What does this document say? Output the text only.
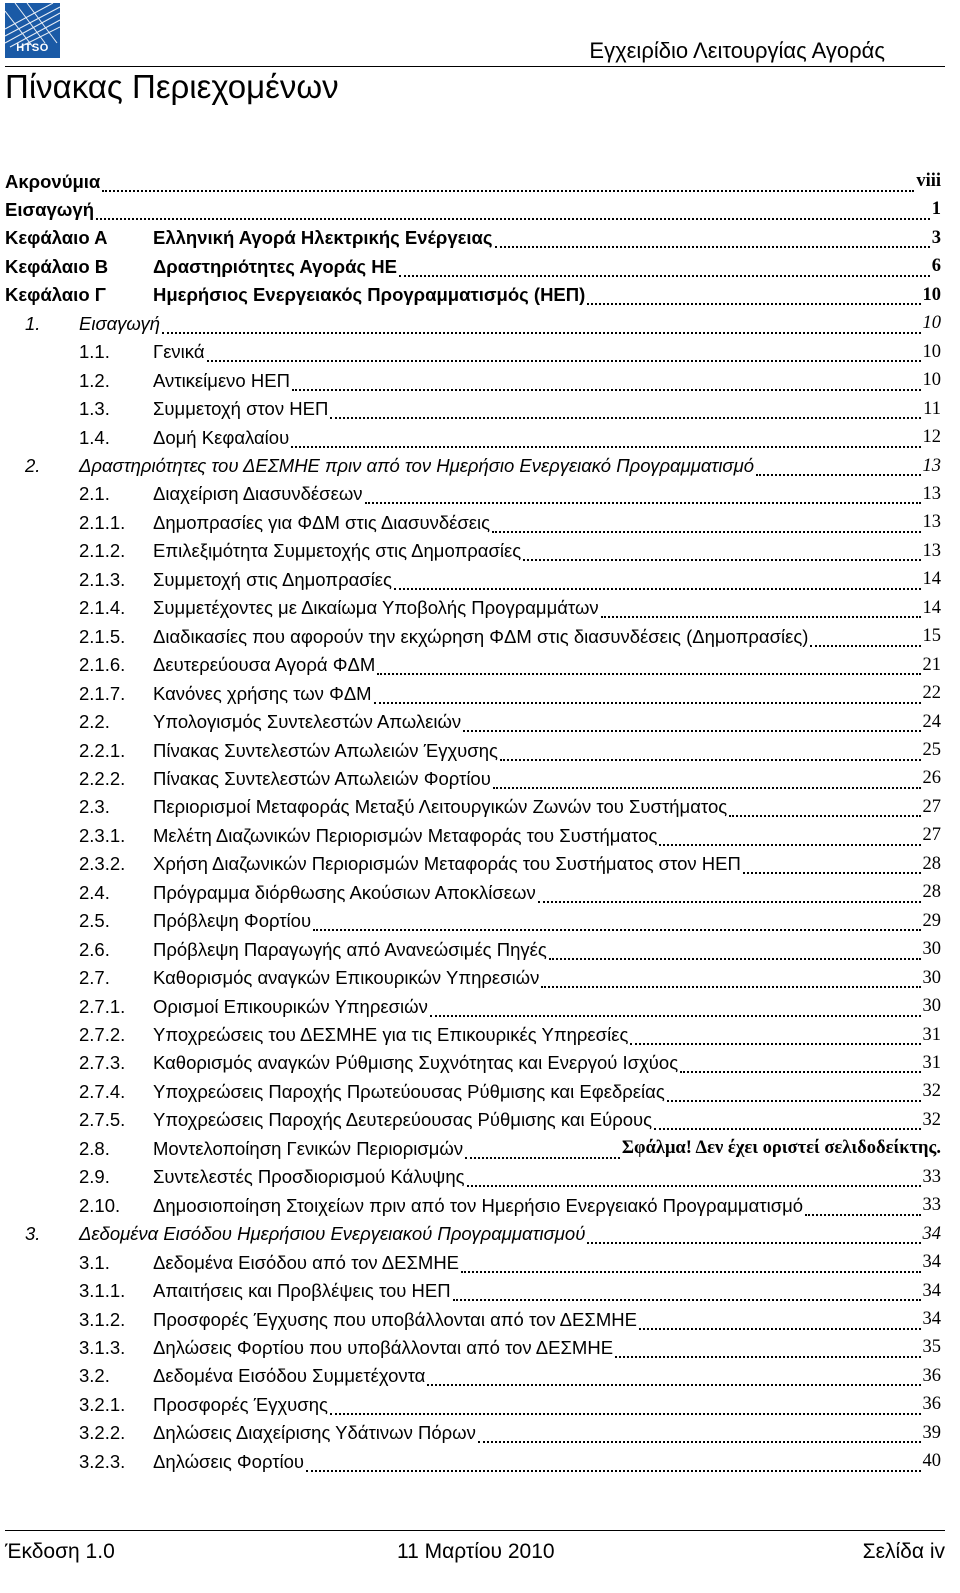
HTSO	Εγχειρίδιο Λειτουργίας Αγοράς
Πίνακας Περιεχομένων
Ακρονύμια	viii
Εισαγωγή	1
Κεφάλαιο Α Ελληνική Αγορά Ηλεκτρικής Ενέργειας	3
Κεφάλαιο Β Δραστηριότητες Αγοράς ΗΕ	6
Κεφάλαιο Γ	Ημερήσιος Ενεργειακός Προγραμματισμός (ΗΕΠ)	10
1. Εισαγωγή	10
1.1. Γενικά	10
1.2. Αντικείμενο ΗΕΠ	10
1.3. Συμμετοχή στον ΗΕΠ	11
1.4. Δομή Κεφαλαίου	12
2. Δραστηριότητες του ΔΕΣΜΗΕ πριν από τον Ημερήσιο Ενεργειακό Προγραμματισμό	13
2.1. Διαχείριση Διασυνδέσεων	13
2.1.1. Δημοπρασίες για ΦΔΜ στις Διασυνδέσεις	13
2.1.2. Επιλεξιμότητα Συμμετοχής στις Δημοπρασίες	13
2.1.3. Συμμετοχή στις Δημοπρασίες	14
2.1.4. Συμμετέχοντες με Δικαίωμα Υποβολής Προγραμμάτων	14
2.1.5. Διαδικασίες που αφορούν την εκχώρηση ΦΔΜ στις διασυνδέσεις (Δημοπρασίες)	15
2.1.6. Δευτερεύουσα Αγορά ΦΔΜ	21
2.1.7. Κανόνες χρήσης των ΦΔΜ	22
2.2. Υπολογισμός Συντελεστών Απωλειών	24
2.2.1. Πίνακας Συντελεστών Απωλειών Έγχυσης	25
2.2.2. Πίνακας Συντελεστών Απωλειών Φορτίου	26
2.3. Περιορισμοί Μεταφοράς Μεταξύ Λειτουργικών Ζωνών του Συστήματος	27
2.3.1. Μελέτη Διαζωνικών Περιορισμών Μεταφοράς του Συστήματος	27
2.3.2. Χρήση Διαζωνικών Περιορισμών Μεταφοράς του Συστήματος στον ΗΕΠ	28
2.4. Πρόγραμμα διόρθωσης Ακούσιων Αποκλίσεων	28
2.5. Πρόβλεψη Φορτίου	29
2.6. Πρόβλεψη Παραγωγής από Ανανεώσιμές Πηγές	30
2.7. Καθορισμός αναγκών Επικουρικών Υπηρεσιών	30
2.7.1. Ορισμοί Επικουρικών Υπηρεσιών	30
2.7.2. Υποχρεώσεις του ΔΕΣΜΗΕ για τις Επικουρικές Υπηρεσίες	31
2.7.3. Καθορισμός αναγκών Ρύθμισης Συχνότητας και Ενεργού Ισχύος	31
2.7.4. Υποχρεώσεις Παροχής Πρωτεύουσας Ρύθμισης και Εφεδρείας	32
2.7.5. Υποχρεώσεις Παροχής Δευτερεύουσας Ρύθμισης και Εύρους	32
2.8. Μοντελοποίηση Γενικών Περιορισμών	Σφάλμα! Δεν έχει οριστεί σελιδοδείκτης.
2.9. Συντελεστές Προσδιορισμού Κάλυψης	33
2.10. Δημοσιοποίηση Στοιχείων πριν από τον Ημερήσιο Ενεργειακό Προγραμματισμό	33
3. Δεδομένα Εισόδου Ημερήσιου Ενεργειακού Προγραμματισμού	34
3.1. Δεδομένα Εισόδου από τον ΔΕΣΜΗΕ	34
3.1.1. Απαιτήσεις και Προβλέψεις του ΗΕΠ	34
3.1.2. Προσφορές Έγχυσης που υποβάλλονται από τον ΔΕΣΜΗΕ	34
3.1.3. Δηλώσεις Φορτίου που υποβάλλονται από τον ΔΕΣΜΗΕ	35
3.2. Δεδομένα Εισόδου Συμμετέχοντα	36
3.2.1. Προσφορές Έγχυσης	36
3.2.2. Δηλώσεις Διαχείρισης Υδάτινων Πόρων	39
3.2.3. Δηλώσεις Φορτίου	40
Έκδοση 1.0	11 Μαρτίου 2010	Σελίδα iv
